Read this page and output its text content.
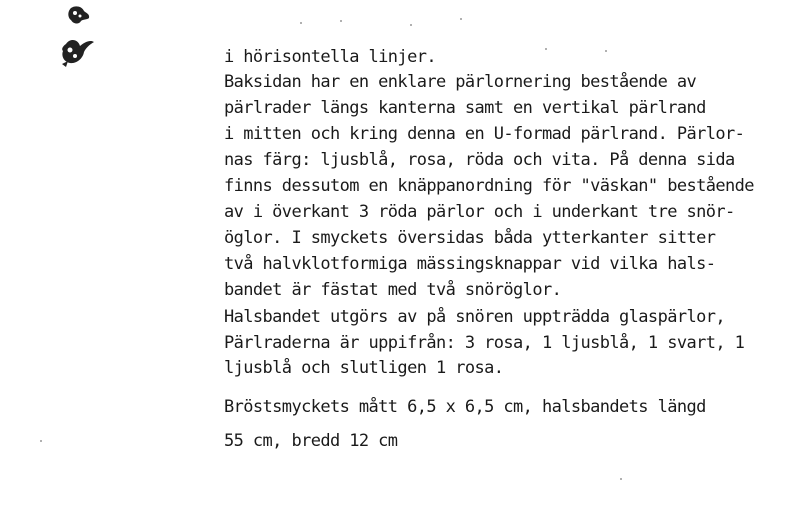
i hörisontella linjer.
Baksidan har en enklare pärlornering bestående av
pärlrader längs kanterna samt en vertikal pärlrand
i mitten och kring denna en U-formad pärlrand. Pärlor-
nas färg: ljusblå, rosa, röda och vita. På denna sida
finns dessutom en knäppanordning för "väskan" bestående
av i överkant 3 röda pärlor och i underkant tre snör-
öglor. I smyckets översidas båda ytterkanter sitter
två halvklotformiga mässingsknappar vid vilka hals-
bandet är fästat med två snöröglor.
Halsbandet utgörs av på snören uppträdda glaspärlor,
Pärlraderna är uppifrån: 3 rosa, 1 ljusblå, 1 svart, 1
ljusblå och slutligen 1 rosa.
Bröstsmyckets mått 6,5 x 6,5 cm, halsbandets längd
55 cm, bredd 12 cm
